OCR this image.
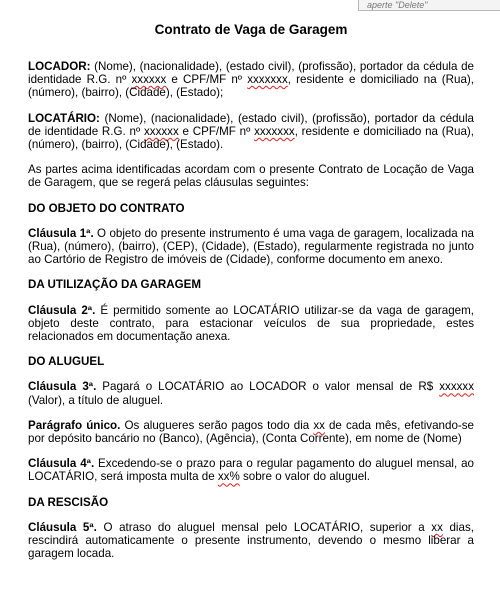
aperte "Delete"
Contrato de Vaga de Garagem

LOCADOR: (Nome), (nacionalidade), (estado civil), (profissão), portador da cédula de identidade R.G. nº xxxxxx e CPF/MF nº xxxxxxx, residente e domiciliado na (Rua), (número), (bairro), (Cidade), (Estado);

LOCATÁRIO: (Nome), (nacionalidade), (estado civil), (profissão), portador da cédula de identidade R.G. nº xxxxxx e CPF/MF nº xxxxxxx, residente e domiciliado na (Rua), (número), (bairro), (Cidade), (Estado).

As partes acima identificadas acordam com o presente Contrato de Locação de Vaga de Garagem, que se regerá pelas cláusulas seguintes:

DO OBJETO DO CONTRATO

Cláusula 1ª. O objeto do presente instrumento é uma vaga de garagem, localizada na (Rua), (número), (bairro), (CEP), (Cidade), (Estado), regularmente registrada no junto ao Cartório de Registro de imóveis de (Cidade), conforme documento em anexo.

DA UTILIZAÇÃO DA GARAGEM

Cláusula 2ª. É permitido somente ao LOCATÁRIO utilizar-se da vaga de garagem, objeto deste contrato, para estacionar veículos de sua propriedade, estes relacionados em documentação anexa.

DO ALUGUEL

Cláusula 3ª. Pagará o LOCATÁRIO ao LOCADOR o valor mensal de R$ xxxxxx (Valor), a título de aluguel.

Parágrafo único. Os alugueres serão pagos todo dia xx de cada mês, efetivando-se por depósito bancário no (Banco), (Agência), (Conta Corrente), em nome de (Nome)

Cláusula 4ª. Excedendo-se o prazo para o regular pagamento do aluguel mensal, ao LOCATÁRIO, será imposta multa de xx% sobre o valor do aluguel.

DA RESCISÃO

Cláusula 5ª. O atraso do aluguel mensal pelo LOCATÁRIO, superior a xx dias, rescindirá automaticamente o presente instrumento, devendo o mesmo liberar a garagem locada.
